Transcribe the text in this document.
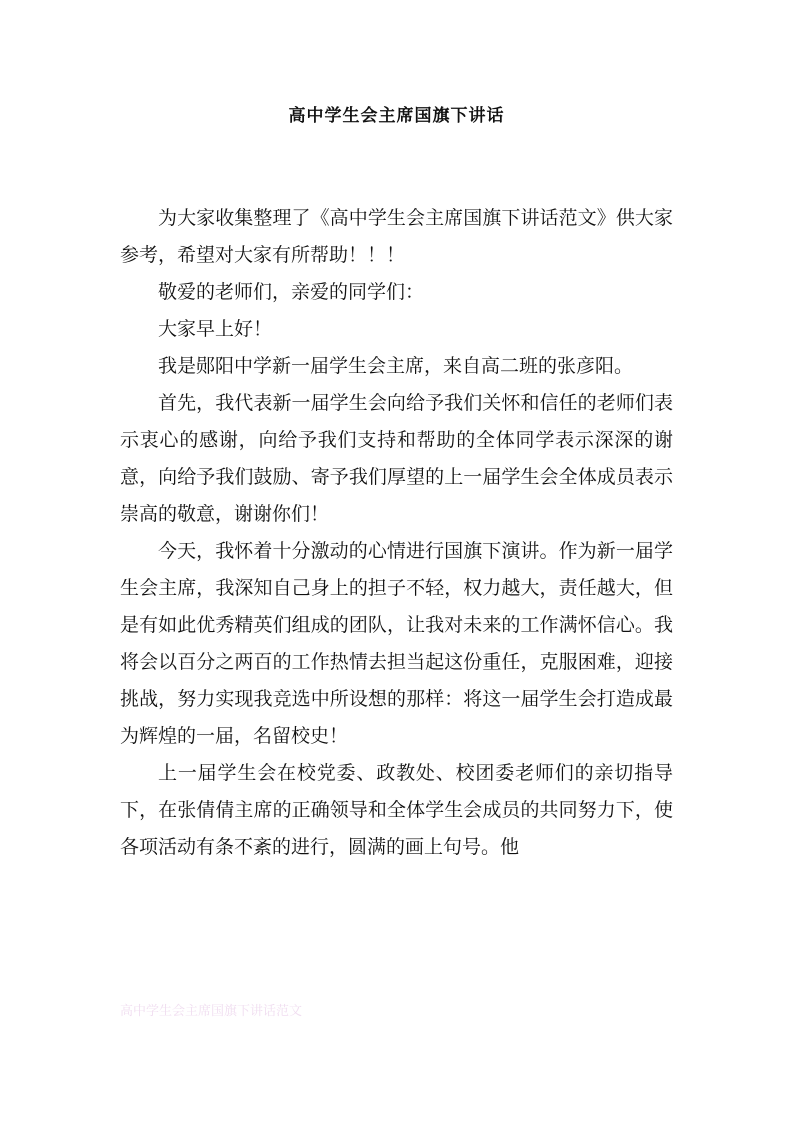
高中学生会主席国旗下讲话

为大家收集整理了《高中学生会主席国旗下讲话范文》供大家参考，希望对大家有所帮助！！！

敬爱的老师们，亲爱的同学们：

大家早上好！

我是郧阳中学新一届学生会主席，来自高二班的张彦阳。

首先，我代表新一届学生会向给予我们关怀和信任的老师们表示衷心的感谢，向给予我们支持和帮助的全体同学表示深深的谢意，向给予我们鼓励、寄予我们厚望的上一届学生会全体成员表示崇高的敬意，谢谢你们！

今天，我怀着十分激动的心情进行国旗下演讲。作为新一届学生会主席，我深知自己身上的担子不轻，权力越大，责任越大，但是有如此优秀精英们组成的团队，让我对未来的工作满怀信心。我将会以百分之两百的工作热情去担当起这份重任，克服困难，迎接挑战，努力实现我竞选中所设想的那样：将这一届学生会打造成最为辉煌的一届，名留校史！

上一届学生会在校党委、政教处、校团委老师们的亲切指导下，在张倩倩主席的正确领导和全体学生会成员的共同努力下，使各项活动有条不紊的进行，圆满的画上句号。他

高中学生会主席国旗下讲话范文
